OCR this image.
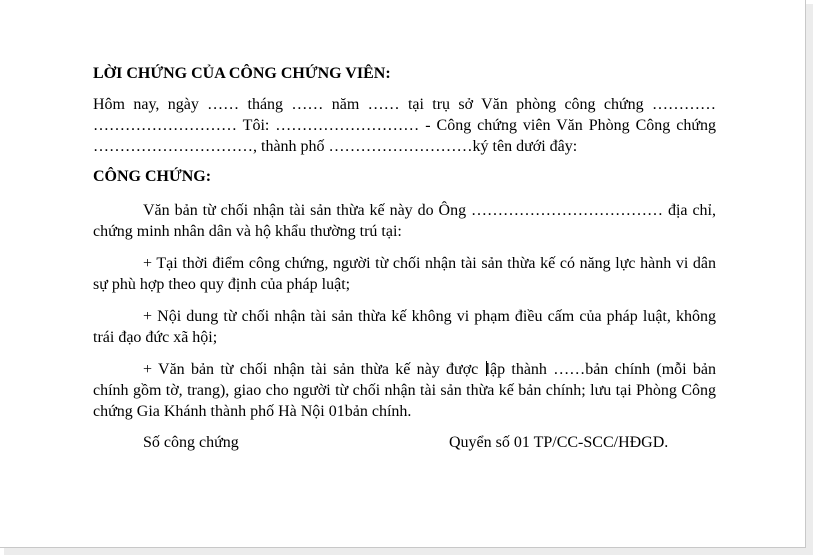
LỜI CHỨNG CỦA CÔNG CHỨNG VIÊN:

Hôm nay, ngày …… tháng …… năm …… tại trụ sở Văn phòng công chứng ………… ……………………… Tôi: ……………………… - Công chứng viên Văn Phòng Công chứng …………………………, thành phố ………………………ký tên dưới đây:

CÔNG CHỨNG:

Văn bản từ chối nhận tài sản thừa kế này do Ông ……………………………… địa chỉ, chứng minh nhân dân và hộ khẩu thường trú tại:

+ Tại thời điểm công chứng, người từ chối nhận tài sản thừa kế có năng lực hành vi dân sự phù hợp theo quy định của pháp luật;

+ Nội dung từ chối nhận tài sản thừa kế không vi phạm điều cấm của pháp luật, không trái đạo đức xã hội;

+ Văn bản từ chối nhận tài sản thừa kế này được lập thành ……bản chính (mỗi bản chính gồm tờ, trang), giao cho người từ chối nhận tài sản thừa kế bản chính; lưu tại Phòng Công chứng Gia Khánh thành phố Hà Nội 01bản chính.

Số công chứng	Quyển số 01 TP/CC-SCC/HĐGD.
